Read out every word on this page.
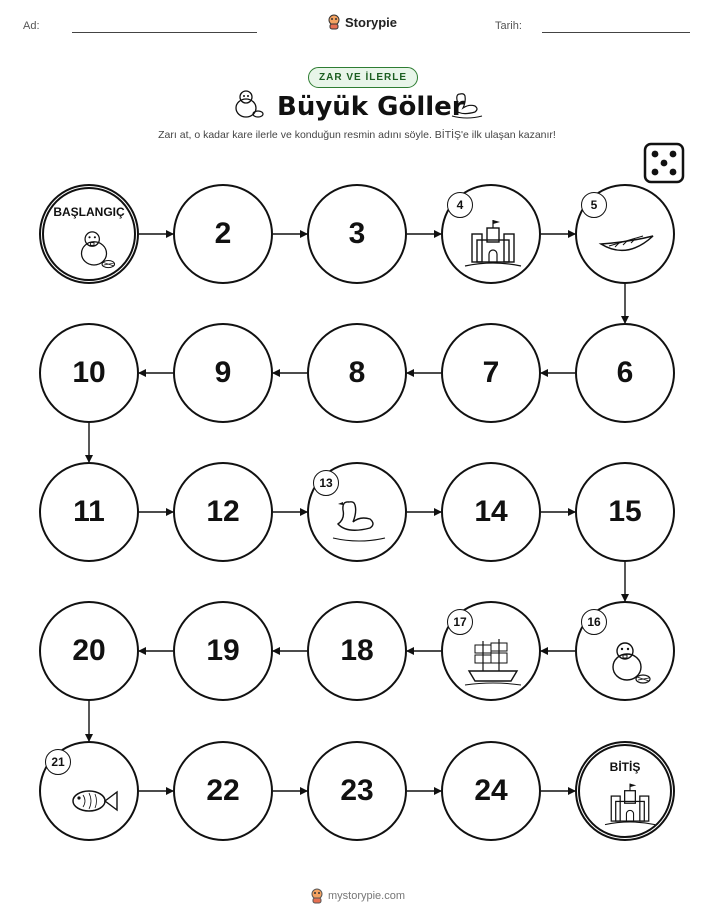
Ad:	Storypie	Tarih:
ZAR VE İLERLE
Büyük Göller
Zarı at, o kadar kare ilerle ve konduğun resmin adını söyle. BİTİŞ'e ilk ulaşan kazanır!
BAŞLANGIÇ
2	3
4	5
6
7
8
9
10
11	12
13
14	15
16
17
18
19
20
21
22	23	24
BİTİŞ
mystorypie.com
